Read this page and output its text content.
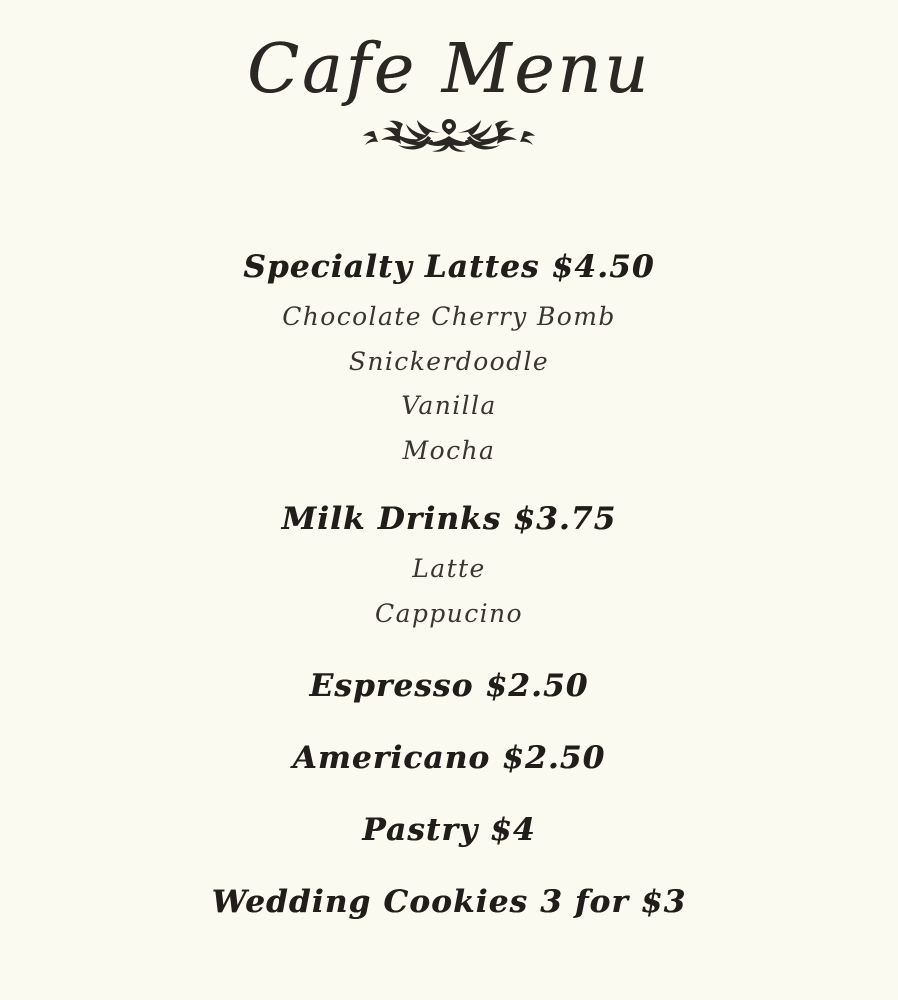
Cafe Menu
Specialty Lattes $4.50

Chocolate Cherry Bomb

Snickerdoodle

Vanilla

Mocha

Milk Drinks $3.75

Latte

Cappucino

Espresso $2.50
Americano $2.50
Pastry $4
Wedding Cookies 3 for $3
